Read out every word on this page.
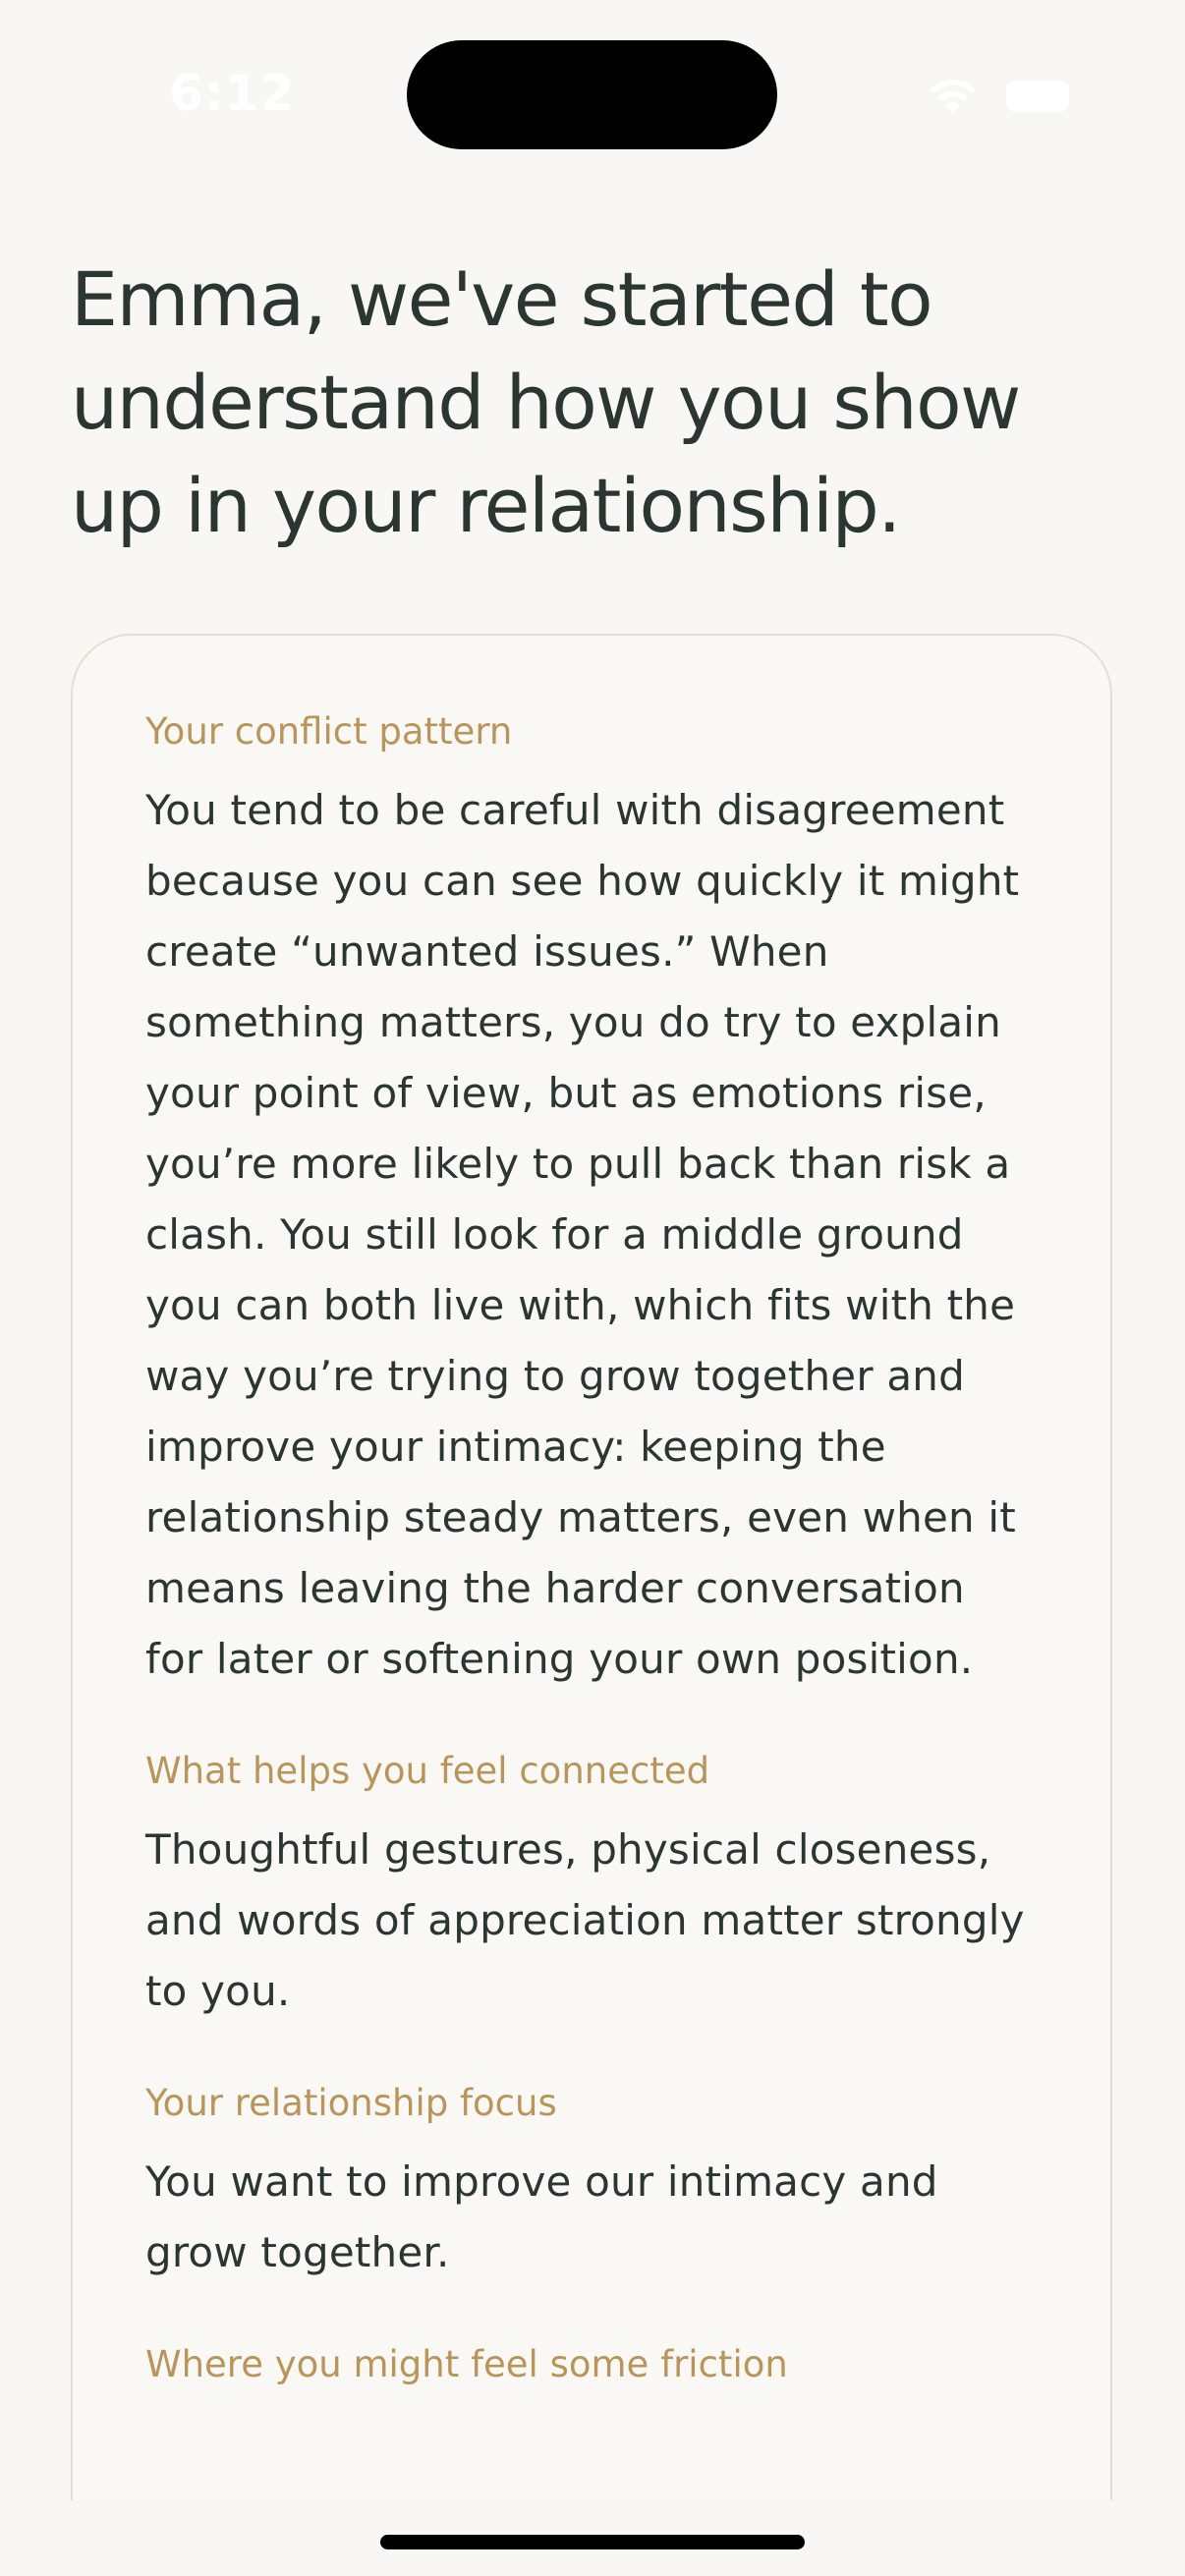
6:12
Emma, we've started to understand how you show up in your relationship.

Your conflict pattern

You tend to be careful with disagreement because you can see how quickly it might create “unwanted issues.” When something matters, you do try to explain your point of view, but as emotions rise, you’re more likely to pull back than risk a clash. You still look for a middle ground you can both live with, which fits with the way you’re trying to grow together and improve your intimacy: keeping the relationship steady matters, even when it means leaving the harder conversation for later or softening your own position.

What helps you feel connected

Thoughtful gestures, physical closeness, and words of appreciation matter strongly to you.

Your relationship focus

You want to improve our intimacy and grow together.

Where you might feel some friction
